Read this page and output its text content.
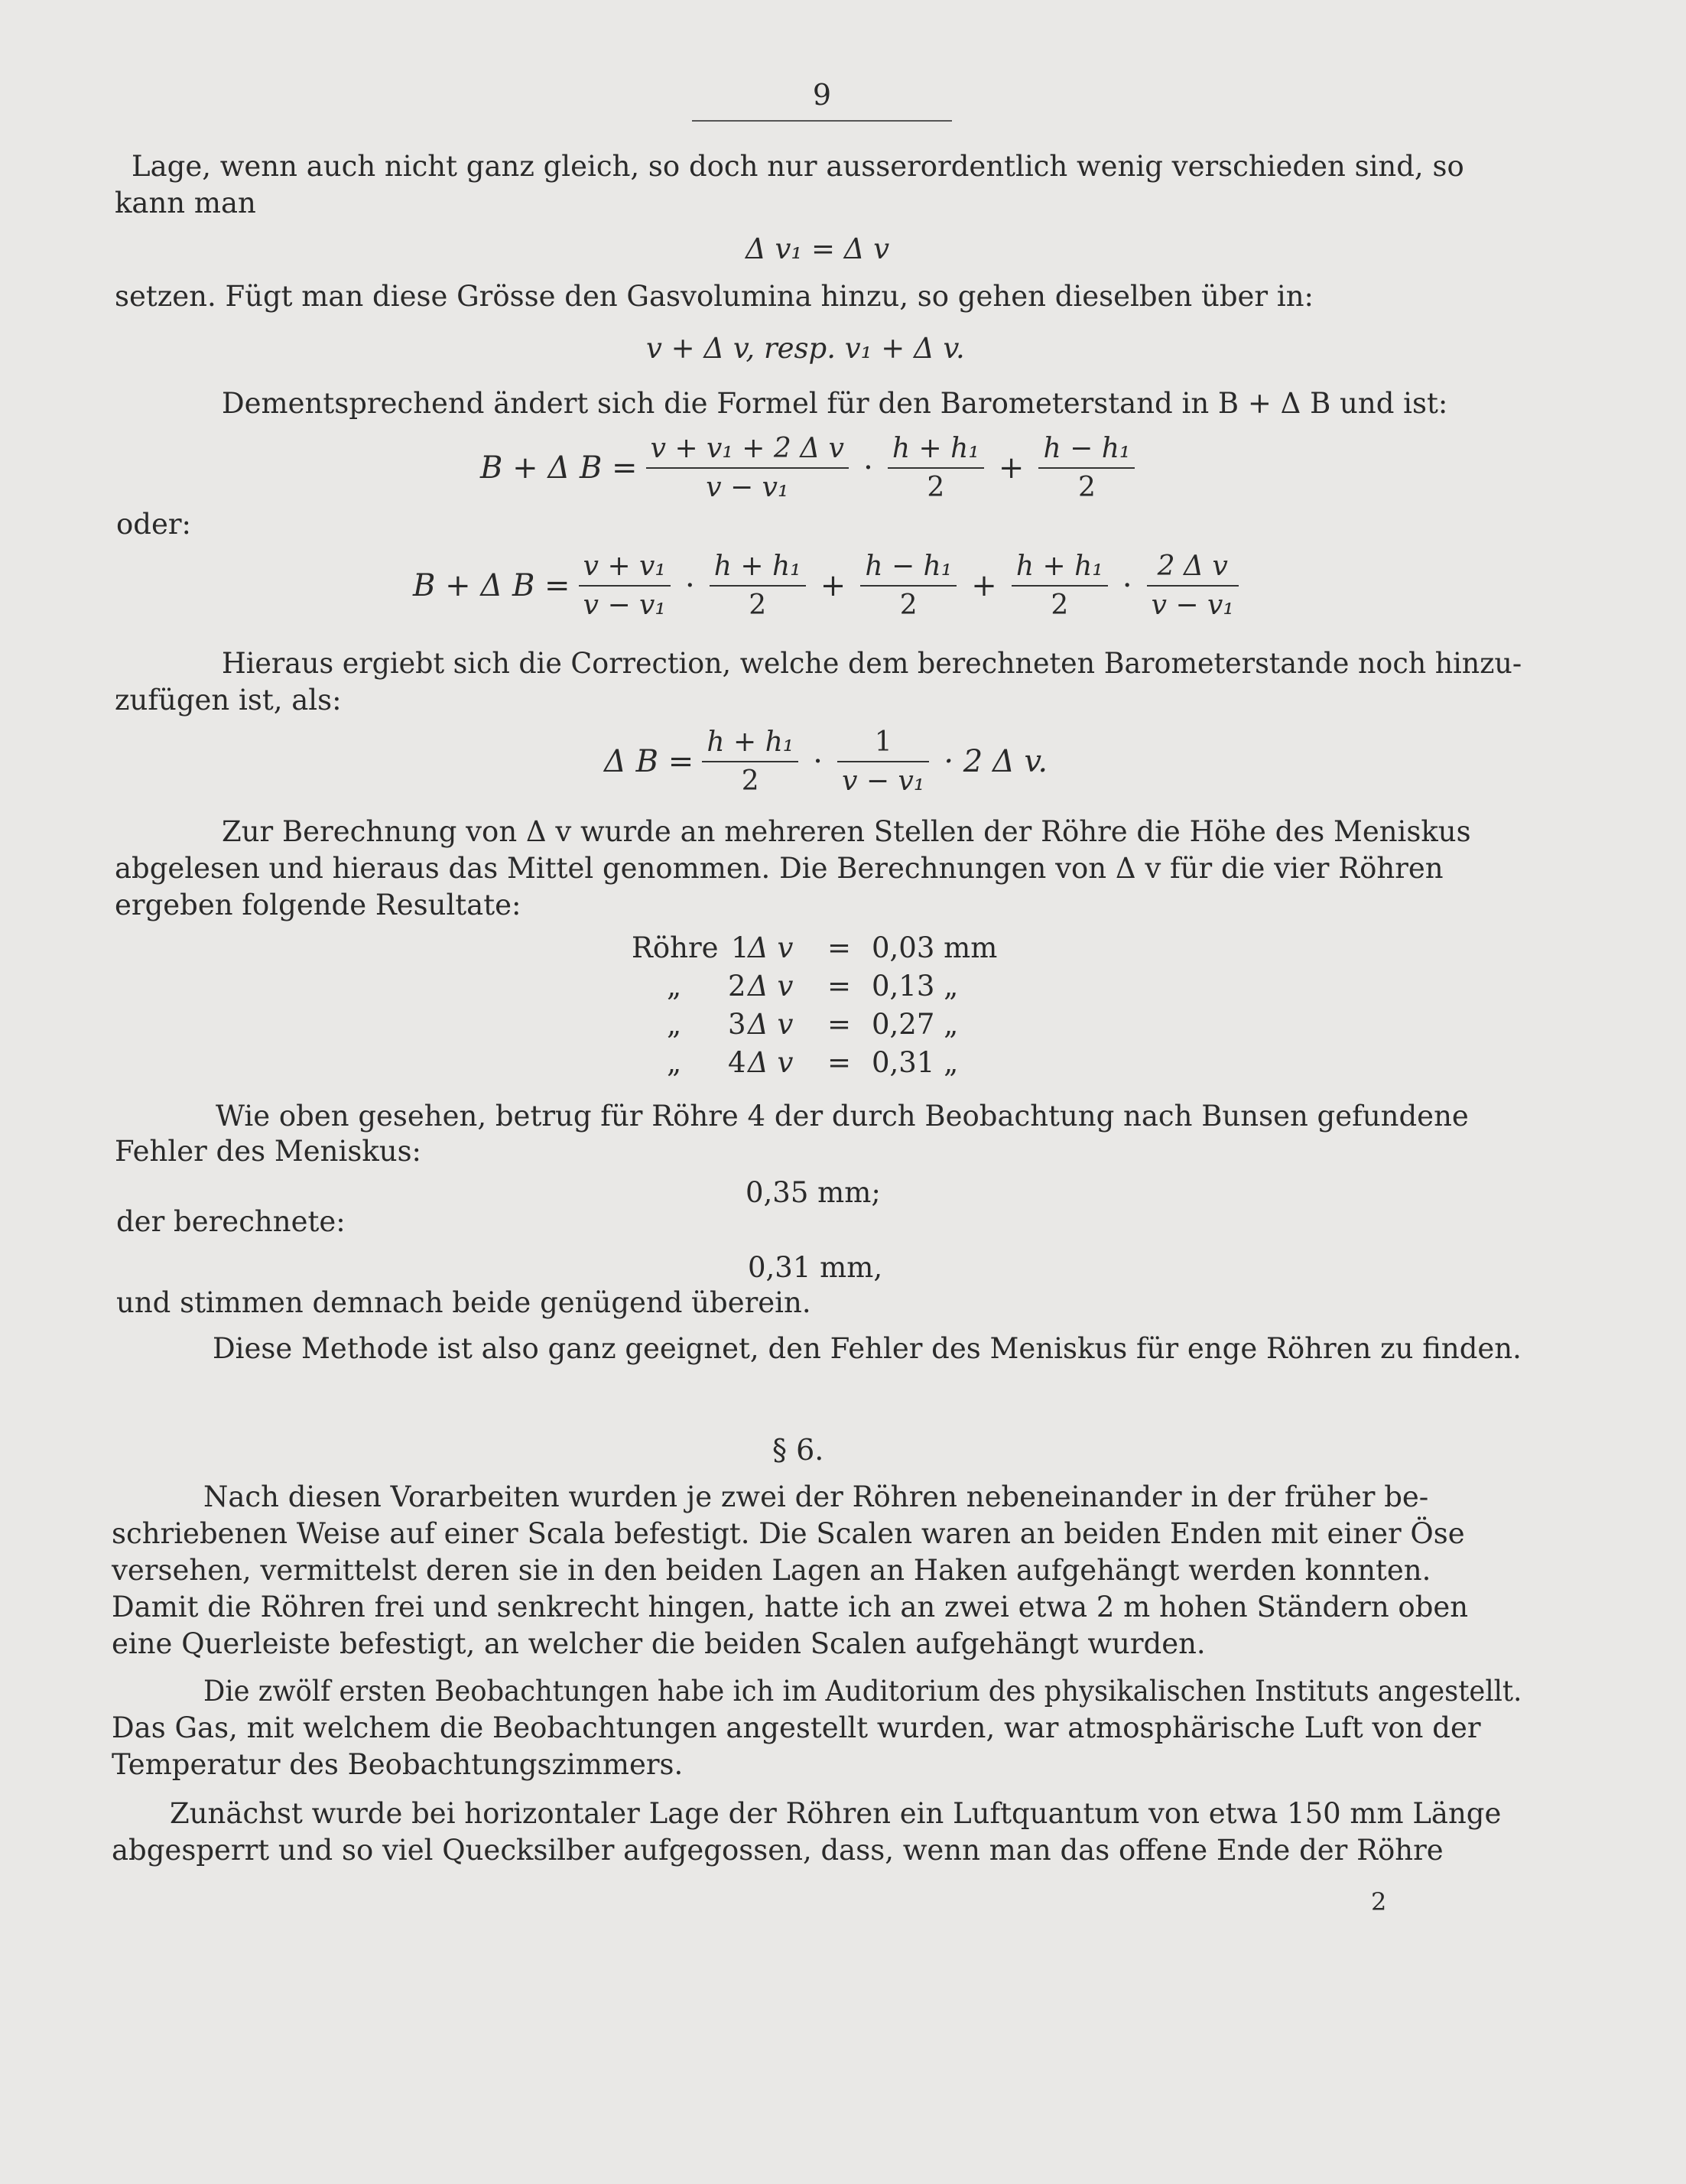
9
Lage, wenn auch nicht ganz gleich, so doch nur ausserordentlich wenig verschieden sind, so
kann man
Δ v₁ = Δ v
setzen. Fügt man diese Grösse den Gasvolumina hinzu, so gehen dieselben über in:
v + Δ v, resp. v₁ + Δ v.
Dementsprechend ändert sich die Formel für den Barometerstand in B + Δ B und ist:
B + Δ $B = \frac{\text{v + v₁ + 2 Δ v}}{\text{v − v₁}} \cdot \frac{\text{h + h₁}}{2} + \frac{\text{h − h₁}}{2}$
oder:
B + Δ $B = \frac{\text{v + v₁}}{\text{v − v₁}} \cdot \frac{\text{h + h₁}}{2} + \frac{\text{h − h₁}}{2} + \frac{\text{h + h₁}}{2} \cdot \frac{\text{2 Δ v}}{\text{v − v₁}}$
Hieraus ergiebt sich die Correction, welche dem berechneten Barometerstande noch hinzu-
zufügen ist, als:
Δ $B = \frac{\text{h + h₁}}{2} \cdot \frac{1}{\text{v − v₁}} \cdot 2$ Δ v.
Zur Berechnung von Δ v wurde an mehreren Stellen der Röhre die Höhe des Meniskus
abgelesen und hieraus das Mittel genommen. Die Berechnungen von Δ v für die vier Röhren
ergeben folgende Resultate:
Röhre 1
Δ v = 0,03 mm
„ 2 Δ v = 0,13 „
„ 3 Δ v = 0,27 „
„ 4 Δ v = 0,31 „
Wie oben gesehen, betrug für Röhre 4 der durch Beobachtung nach Bunsen gefundene
Fehler des Meniskus:
0,35 mm;
der berechnete:
0,31 mm,
und stimmen demnach beide genügend überein.
Diese Methode ist also ganz geeignet, den Fehler des Meniskus für enge Röhren zu finden.
§ 6.
Nach diesen Vorarbeiten wurden je zwei der Röhren nebeneinander in der früher be-
schriebenen Weise auf einer Scala befestigt. Die Scalen waren an beiden Enden mit einer Öse
versehen, vermittelst deren sie in den beiden Lagen an Haken aufgehängt werden konnten.
Damit die Röhren frei und senkrecht hingen, hatte ich an zwei etwa 2 m hohen Ständern oben
eine Querleiste befestigt, an welcher die beiden Scalen aufgehängt wurden.
Die zwölf ersten Beobachtungen habe ich im Auditorium des physikalischen Instituts angestellt.
Das Gas, mit welchem die Beobachtungen angestellt wurden, war atmosphärische Luft von der
Temperatur des Beobachtungszimmers.
Zunächst wurde bei horizontaler Lage der Röhren ein Luftquantum von etwa 150 mm Länge
abgesperrt und so viel Quecksilber aufgegossen, dass, wenn man das offene Ende der Röhre
2
